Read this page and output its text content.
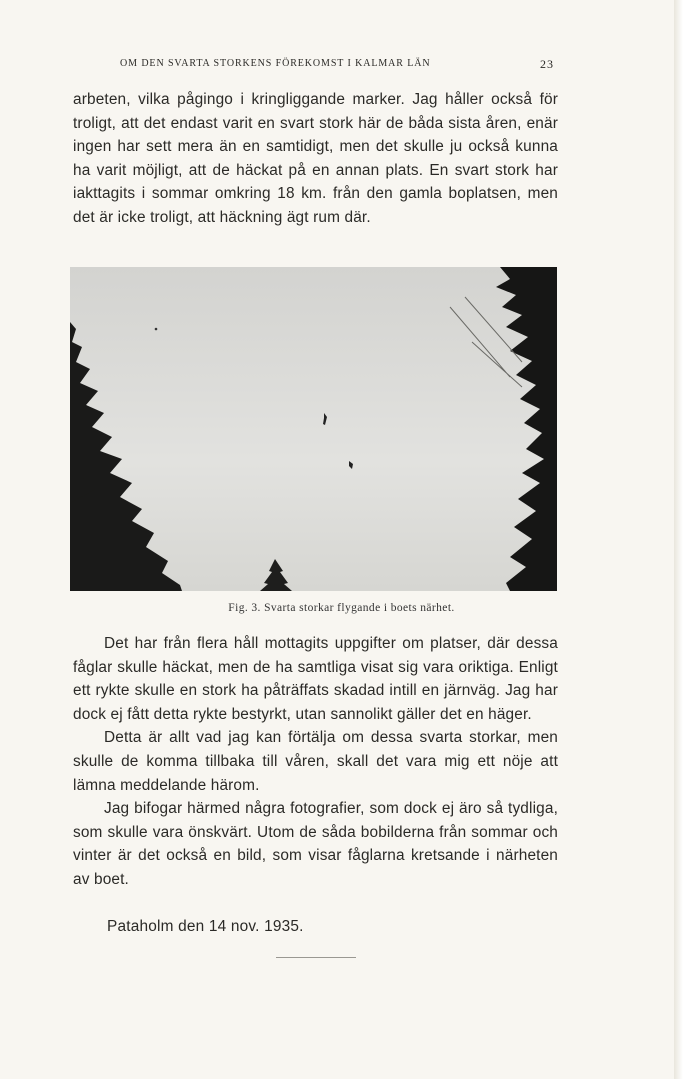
OM DEN SVARTA STORKENS FÖREKOMST I KALMAR LÄN	23

arbeten, vilka pågingo i kringliggande marker. Jag håller också för troligt, att det endast varit en svart stork här de båda sista åren, enär ingen har sett mera än en samtidigt, men det skulle ju också kunna ha varit möjligt, att de häckat på en annan plats. En svart stork har iakttagits i sommar omkring 18 km. från den gamla boplatsen, men det är icke troligt, att häckning ägt rum där.

Fig. 3. Svarta storkar flygande i boets närhet.

Det har från flera håll mottagits uppgifter om platser, där dessa fåglar skulle häckat, men de ha samtliga visat sig vara oriktiga. Enligt ett rykte skulle en stork ha påträffats skadad intill en järnväg. Jag har dock ej fått detta rykte bestyrkt, utan sannolikt gäller det en häger.

Detta är allt vad jag kan förtälja om dessa svarta storkar, men skulle de komma tillbaka till våren, skall det vara mig ett nöje att lämna meddelande härom.

Jag bifogar härmed några fotografier, som dock ej äro så tydliga, som skulle vara önskvärt. Utom de såda bobilderna från sommar och vinter är det också en bild, som visar fåglarna kretsande i närheten av boet.

Pataholm den 14 nov. 1935.
